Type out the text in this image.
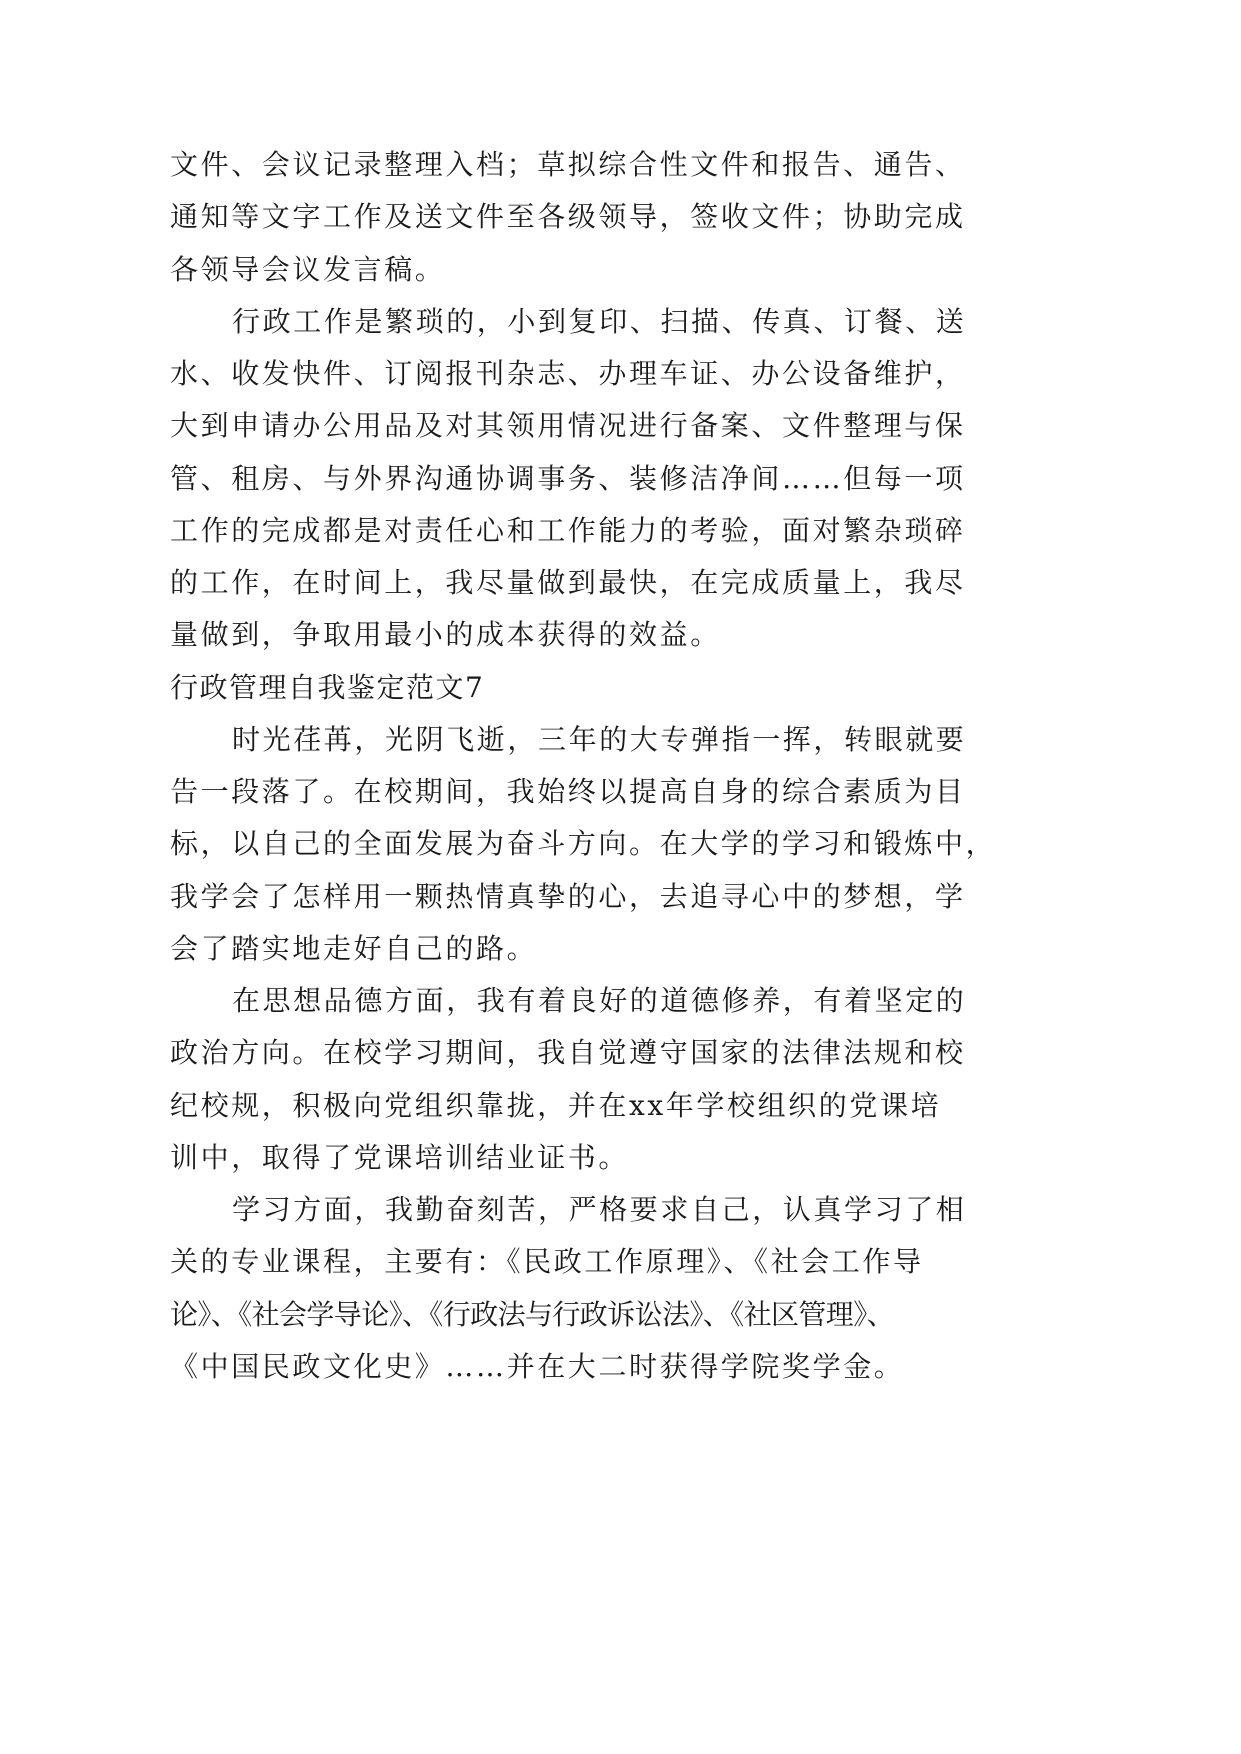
文件、会议记录整理入档；草拟综合性文件和报告、通告、
通知等文字工作及送文件至各级领导，签收文件；协助完成
各领导会议发言稿。
行政工作是繁琐的，小到复印、扫描、传真、订餐、送
水、收发快件、订阅报刊杂志、办理车证、办公设备维护，
大到申请办公用品及对其领用情况进行备案、文件整理与保
管、租房、与外界沟通协调事务、装修洁净间……但每一项
工作的完成都是对责任心和工作能力的考验，面对繁杂琐碎
的工作，在时间上，我尽量做到最快，在完成质量上，我尽
量做到，争取用最小的成本获得的效益。
行政管理自我鉴定范文7
时光荏苒，光阴飞逝，三年的大专弹指一挥，转眼就要
告一段落了。在校期间，我始终以提高自身的综合素质为目
标，以自己的全面发展为奋斗方向。在大学的学习和锻炼中，
我学会了怎样用一颗热情真挚的心，去追寻心中的梦想，学
会了踏实地走好自己的路。
在思想品德方面，我有着良好的道德修养，有着坚定的
政治方向。在校学习期间，我自觉遵守国家的法律法规和校
纪校规，积极向党组织靠拢，并在xx年学校组织的党课培
训中，取得了党课培训结业证书。
学习方面，我勤奋刻苦，严格要求自己，认真学习了相
关的专业课程，主要有：《民政工作原理》、《社会工作导
论》、《社会学导论》、《行政法与行政诉讼法》、《社区管理》、
《中国民政文化史》……并在大二时获得学院奖学金。
